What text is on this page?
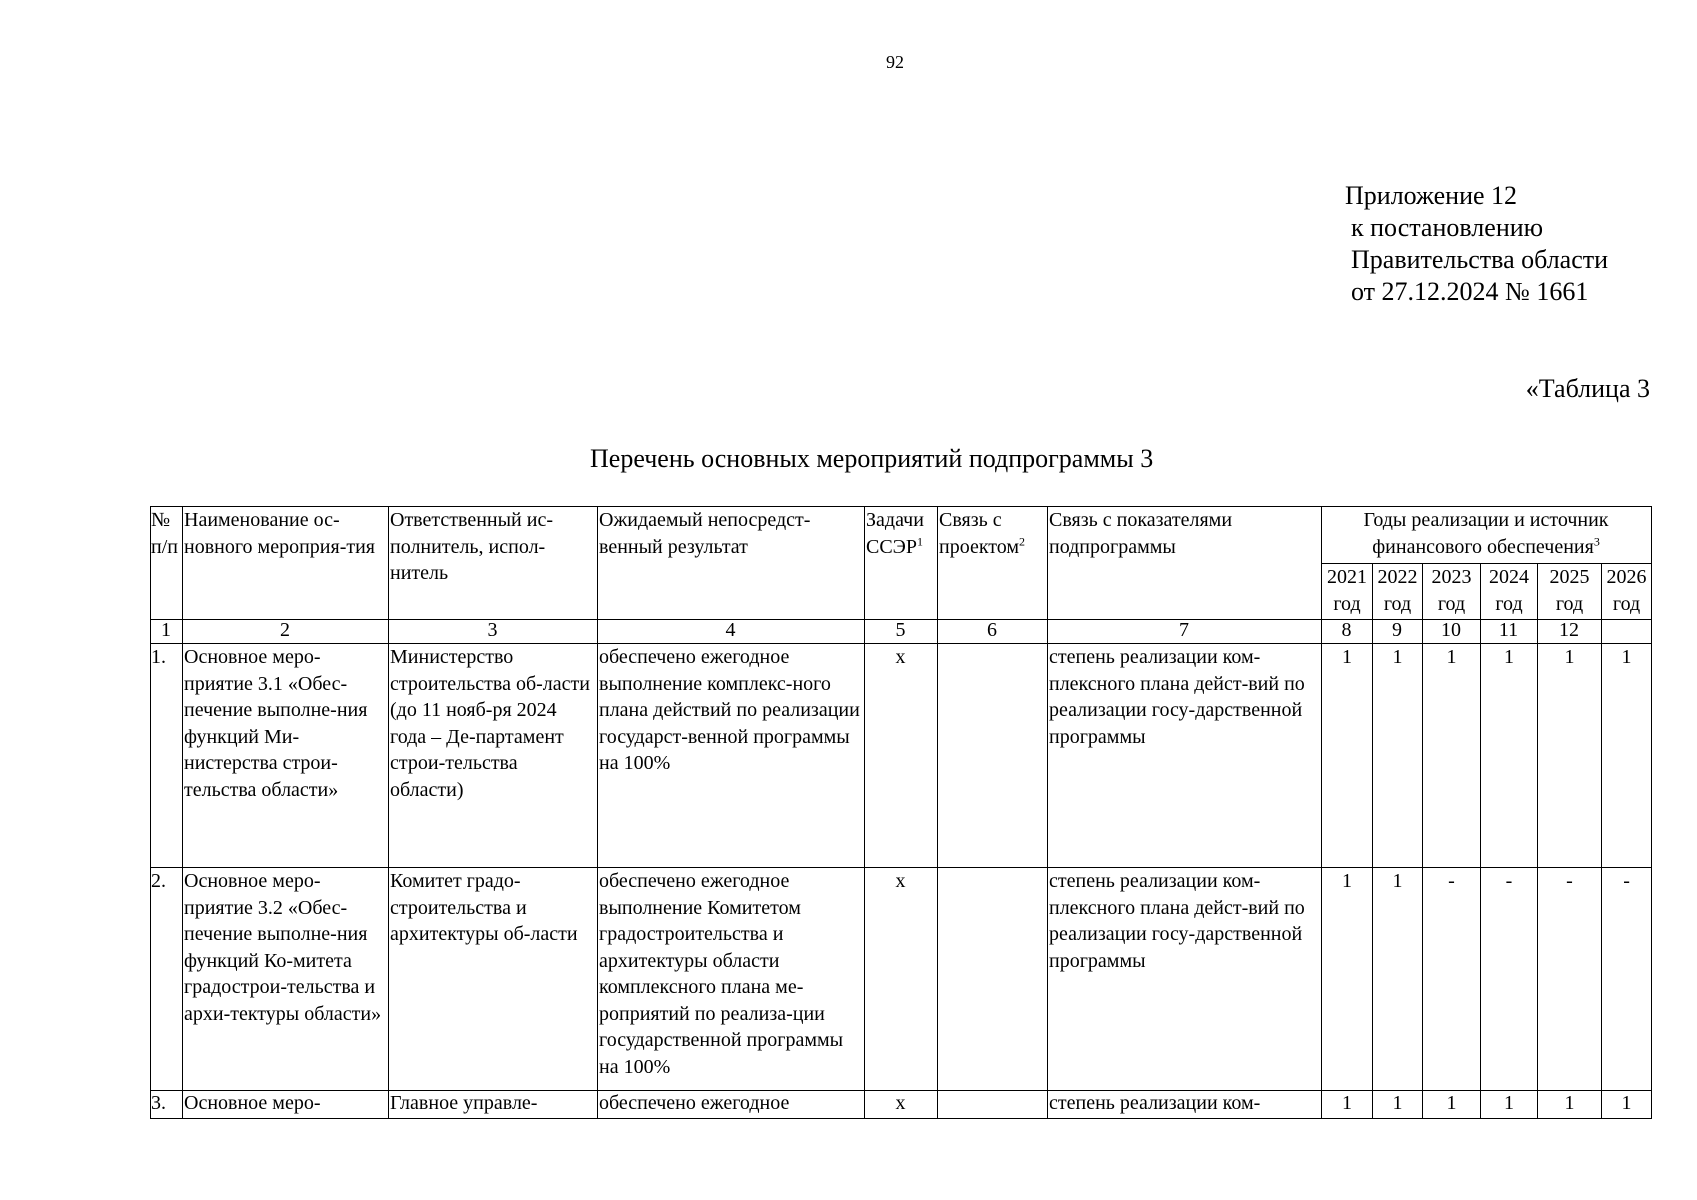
92
Приложение 12
к постановлению
Правительства области
от 27.12.2024 № 1661
«Таблица 3
Перечень основных мероприятий подпрограммы 3
№ п/п	Наименование ос-новного мероприя-тия	Ответственный ис-полнитель, испол-нитель	Ожидаемый непосредст-венный результат	Задачи ССЭР$^1$	Связь с проектом$^2$	Связь с показателями подпрограммы	Годы реализации и источник финансового обеспечения$^3$
							2021 год	2022 год	2023 год	2024 год	2025 год	2026 год
1	2	3	4	5	6	7	8	9	10	11	12	
1.	Основное меро-приятие 3.1 «Обес-печение выполне-ния функций Ми-нистерства строи-тельства области»	Министерство строительства об-ласти (до 11 нояб-ря 2024 года – Де-партамент строи-тельства области)	обеспечено ежегодное выполнение комплекс-ного плана действий по реализации государст-венной программы на 100%	x		степень реализации ком-плексного плана дейст-вий по реализации госу-дарственной программы	1	1	1	1	1	1
2.	Основное меро-приятие 3.2 «Обес-печение выполне-ния функций Ко-митета градострои-тельства и архи-тектуры области»	Комитет градо-строительства и архитектуры об-ласти	обеспечено ежегодное выполнение Комитетом градостроительства и архитектуры области комплексного плана ме-роприятий по реализа-ции государственной программы на 100%	x		степень реализации ком-плексного плана дейст-вий по реализации госу-дарственной программы	1	1	-	-	-	-
3.	Основное меро-	Главное управле-	обеспечено ежегодное	x		степень реализации ком-	1	1	1	1	1	1
